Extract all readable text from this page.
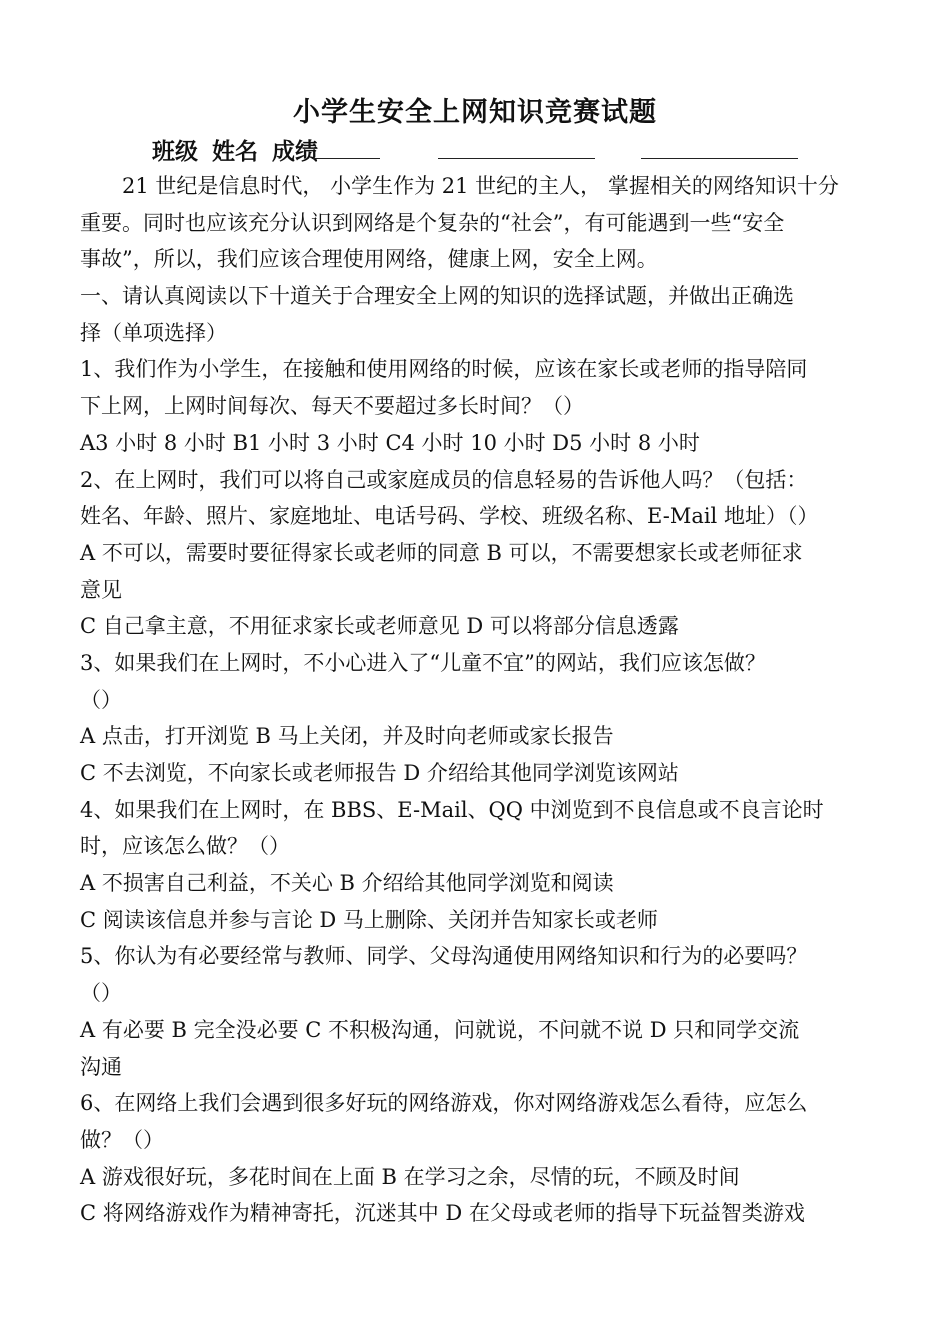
小学生安全上网知识竞赛试题
班级 姓名 成绩
　　21 世纪是信息时代， 小学生作为 21 世纪的主人， 掌握相关的网络知识十分
重要。同时也应该充分认识到网络是个复杂的“社会”，有可能遇到一些“安全
事故”，所以，我们应该合理使用网络，健康上网，安全上网。
一、请认真阅读以下十道关于合理安全上网的知识的选择试题，并做出正确选
择（单项选择）
1、我们作为小学生，在接触和使用网络的时候，应该在家长或老师的指导陪同
下上网，上网时间每次、每天不要超过多长时间？（）
A3 小时 8 小时 B1 小时 3 小时 C4 小时 10 小时 D5 小时 8 小时
2、在上网时，我们可以将自己或家庭成员的信息轻易的告诉他人吗？（包括：
姓名、年龄、照片、家庭地址、电话号码、学校、班级名称、E-Mail 地址）（）
A 不可以，需要时要征得家长或老师的同意 B 可以，不需要想家长或老师征求
意见
C 自己拿主意，不用征求家长或老师意见 D 可以将部分信息透露
3、如果我们在上网时，不小心进入了“儿童不宜”的网站，我们应该怎做？
（）
A 点击，打开浏览 B 马上关闭，并及时向老师或家长报告
C 不去浏览，不向家长或老师报告 D 介绍给其他同学浏览该网站
4、如果我们在上网时，在 BBS、E-Mail、QQ 中浏览到不良信息或不良言论时
时，应该怎么做？（）
A 不损害自己利益，不关心 B 介绍给其他同学浏览和阅读
C 阅读该信息并参与言论 D 马上删除、关闭并告知家长或老师
5、你认为有必要经常与教师、同学、父母沟通使用网络知识和行为的必要吗？
（）
A 有必要 B 完全没必要 C 不积极沟通，问就说，不问就不说 D 只和同学交流
沟通
6、在网络上我们会遇到很多好玩的网络游戏，你对网络游戏怎么看待，应怎么
做？（）
A 游戏很好玩，多花时间在上面 B 在学习之余，尽情的玩，不顾及时间
C 将网络游戏作为精神寄托，沉迷其中 D 在父母或老师的指导下玩益智类游戏
